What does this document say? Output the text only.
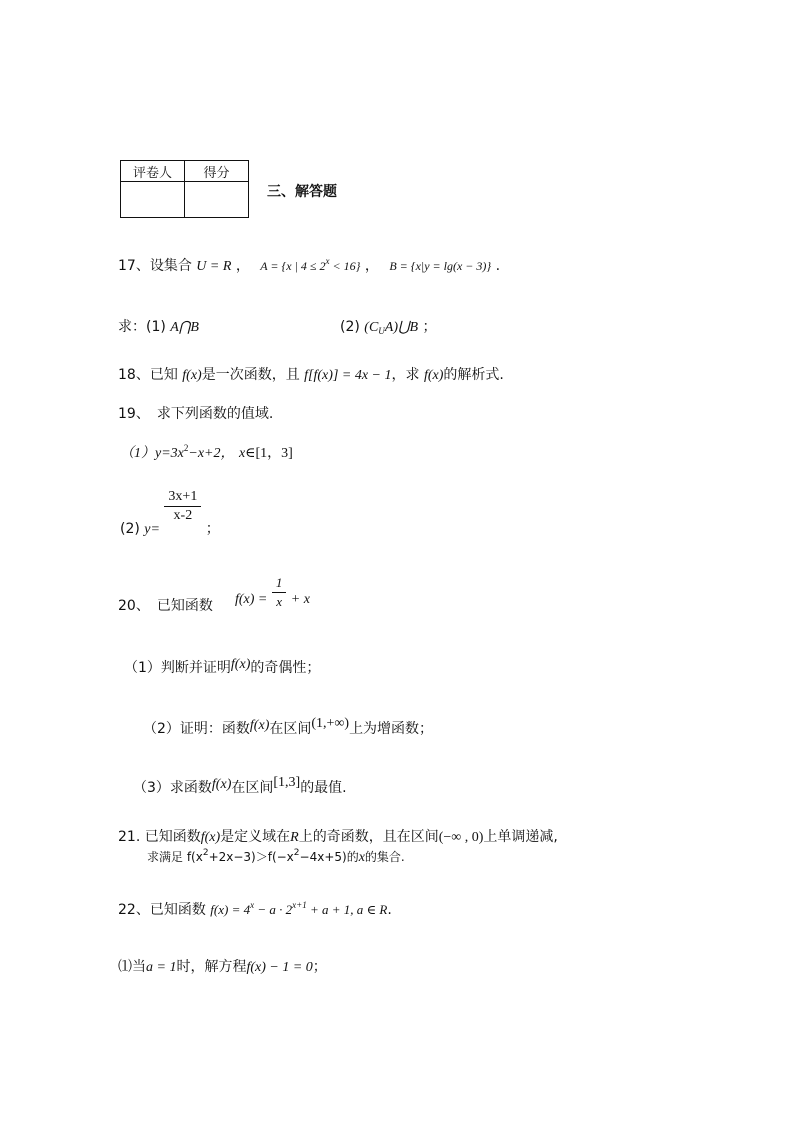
评卷人	得分

三、解答题
17、设集合 U = R ， A = {x | $4 \le 2^x < 16$} ， B = {x|y = lg(x − 3)} .
求：(1) A⋂B	(2) $(C_UA)⋃B$ ；
18、已知 f(x)是一次函数，且 f[f(x)] = 4x − 1，求 f(x)的解析式.
19、　求下列函数的值域.
$(1)y=3x^2-x+2$， x∈[1，3]
(2) y=
$\frac{3x+1}{x-2}$
；
20、　已知函数 $f(x) = \frac{1}{x} + x$
（1）判断并证明f(x)的奇偶性；
（2）证明：函数f(x)在区间(1,+∞)上为增函数；
（3）求函数f(x)在区间[1,3]的最值.
21. 已知函数f(x)是定义域在R上的奇函数，且在区间(−∞ , 0)上单调递减,
求满足 $f(x^2+2x-3)>f(-x^2-4x+5)$的x的集合.
22、已知函数 $f(x) = 4^x - a \cdot 2^{x+1} + a + 1$, a ∈ R.
⑴当a = 1时，解方程f(x) − 1 = 0；
